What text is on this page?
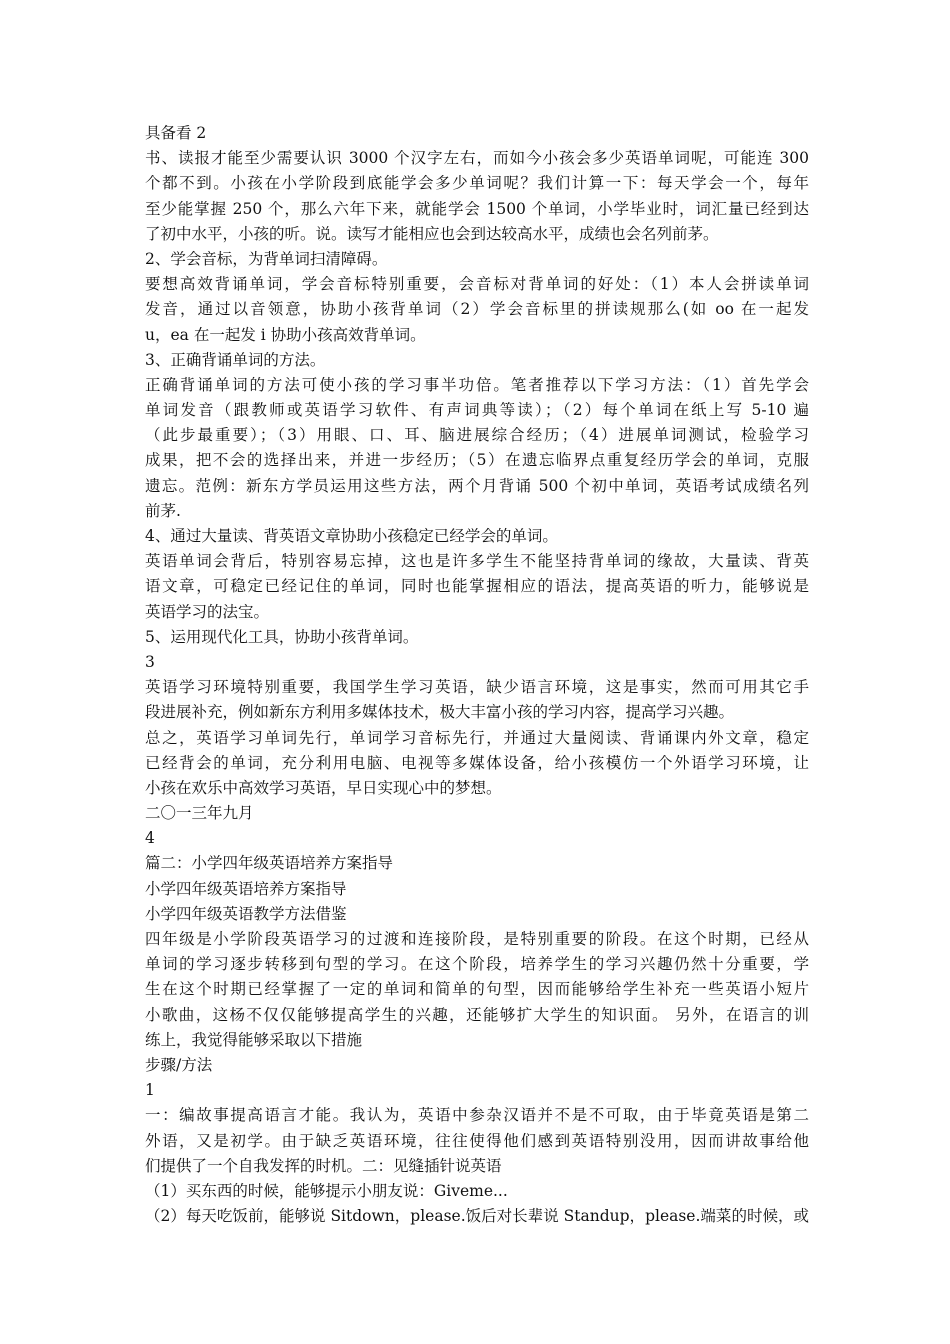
具备看 2
书、读报才能至少需要认识 3000 个汉字左右，而如今小孩会多少英语单词呢，可能连 300
个都不到。小孩在小学阶段到底能学会多少单词呢？我们计算一下：每天学会一个，每年
至少能掌握 250 个，那么六年下来，就能学会 1500 个单词，小学毕业时，词汇量已经到达
了初中水平，小孩的听。说。读写才能相应也会到达较高水平，成绩也会名列前茅。
2、学会音标，为背单词扫清障碍。
要想高效背诵单词，学会音标特别重要，会音标对背单词的好处：（1）本人会拼读单词
发音，通过以音领意，协助小孩背单词（2）学会音标里的拼读规那么(如 oo 在一起发
u，ea 在一起发 i 协助小孩高效背单词。
3、正确背诵单词的方法。
正确背诵单词的方法可使小孩的学习事半功倍。笔者推荐以下学习方法：（1）首先学会
单词发音（跟教师或英语学习软件、有声词典等读）；（2）每个单词在纸上写 5-10 遍
（此步最重要）；（3）用眼、口、耳、脑进展综合经历；（4）进展单词测试，检验学习
成果，把不会的选择出来，并进一步经历；（5）在遗忘临界点重复经历学会的单词，克服
遗忘。范例：新东方学员运用这些方法，两个月背诵 500 个初中单词，英语考试成绩名列
前茅.
4、通过大量读、背英语文章协助小孩稳定已经学会的单词。
英语单词会背后，特别容易忘掉，这也是许多学生不能坚持背单词的缘故，大量读、背英
语文章，可稳定已经记住的单词，同时也能掌握相应的语法，提高英语的听力，能够说是
英语学习的法宝。
5、运用现代化工具，协助小孩背单词。
3
英语学习环境特别重要，我国学生学习英语，缺少语言环境，这是事实，然而可用其它手
段进展补充，例如新东方利用多媒体技术，极大丰富小孩的学习内容，提高学习兴趣。
总之，英语学习单词先行，单词学习音标先行，并通过大量阅读、背诵课内外文章，稳定
已经背会的单词，充分利用电脑、电视等多媒体设备，给小孩模仿一个外语学习环境，让
小孩在欢乐中高效学习英语，早日实现心中的梦想。
二〇一三年九月
4
篇二：小学四年级英语培养方案指导
小学四年级英语培养方案指导
小学四年级英语教学方法借鉴
四年级是小学阶段英语学习的过渡和连接阶段，是特别重要的阶段。在这个时期，已经从
单词的学习逐步转移到句型的学习。在这个阶段，培养学生的学习兴趣仍然十分重要，学
生在这个时期已经掌握了一定的单词和简单的句型，因而能够给学生补充一些英语小短片
小歌曲，这杨不仅仅能够提高学生的兴趣，还能够扩大学生的知识面。 另外，在语言的训
练上，我觉得能够采取以下措施
步骤/方法
1
一：编故事提高语言才能。我认为，英语中参杂汉语并不是不可取，由于毕竟英语是第二
外语，又是初学。由于缺乏英语环境，往往使得他们感到英语特别没用，因而讲故事给他
们提供了一个自我发挥的时机。二：见缝插针说英语
（1）买东西的时候，能够提示小朋友说：Giveme...
（2）每天吃饭前，能够说 Sitdown，please.饭后对长辈说 Standup，please.端菜的时候，或
